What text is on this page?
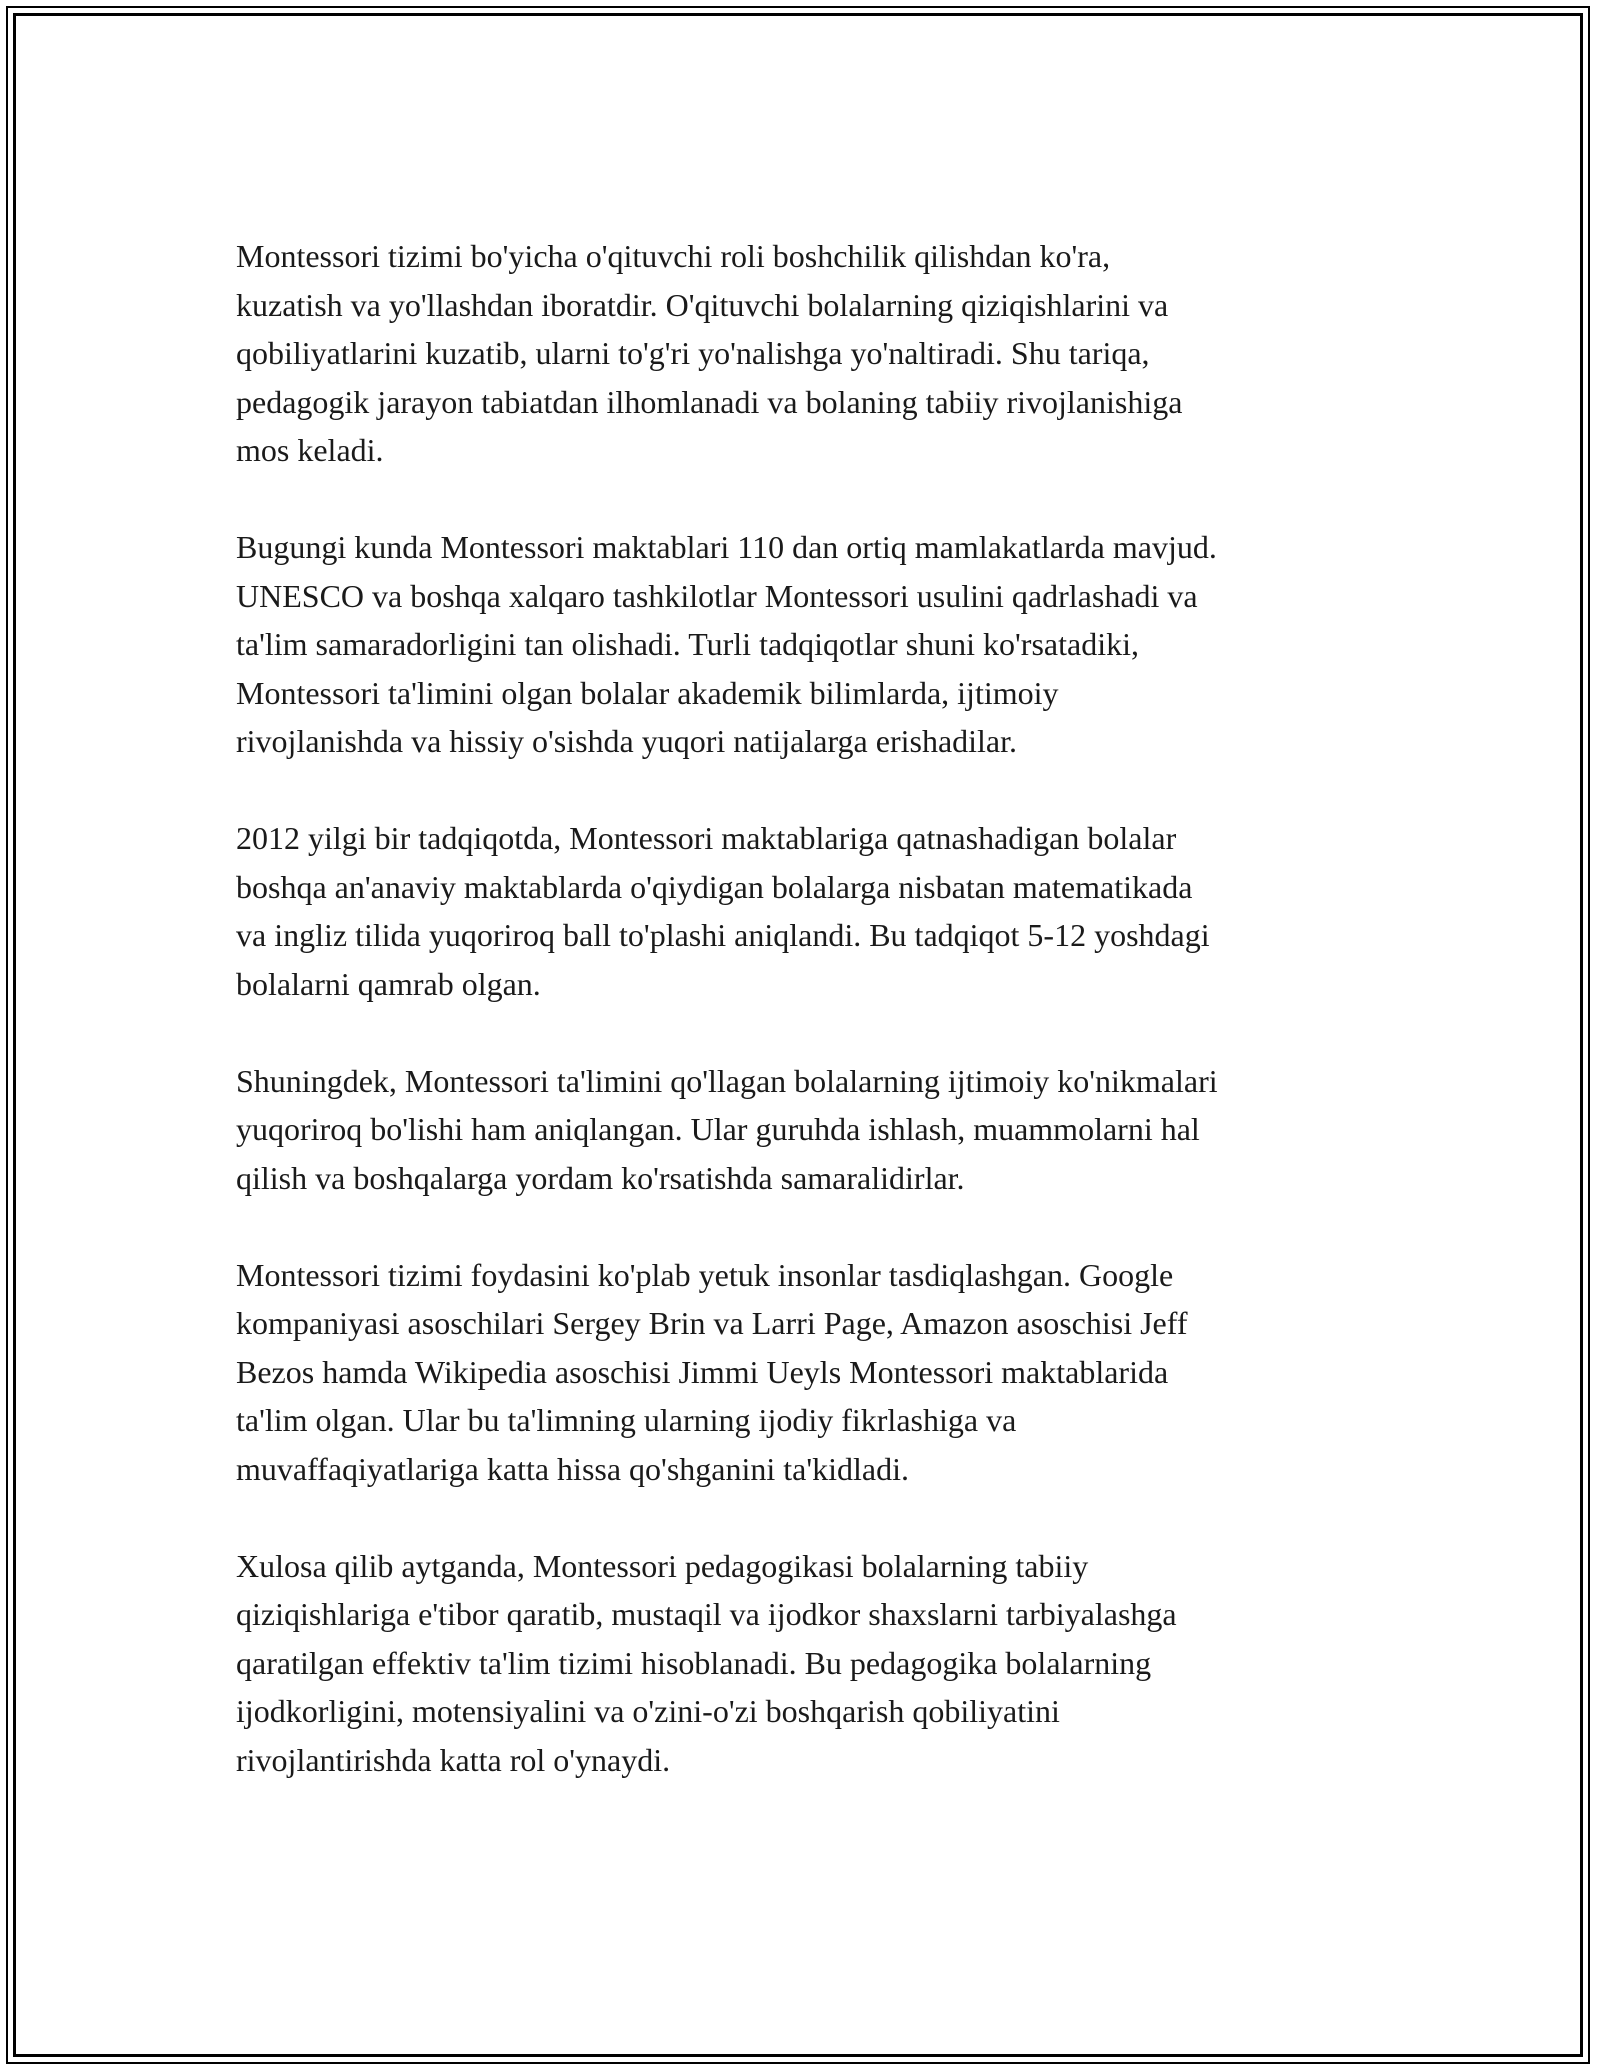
Montessori tizimi bo'yicha o'qituvchi roli boshchilik qilishdan ko'ra,
kuzatish va yo'llashdan iboratdir. O'qituvchi bolalarning qiziqishlarini va
qobiliyatlarini kuzatib, ularni to'g'ri yo'nalishga yo'naltiradi. Shu tariqa,
pedagogik jarayon tabiatdan ilhomlanadi va bolaning tabiiy rivojlanishiga
mos keladi.

Bugungi kunda Montessori maktablari 110 dan ortiq mamlakatlarda mavjud.
UNESCO va boshqa xalqaro tashkilotlar Montessori usulini qadrlashadi va
ta'lim samaradorligini tan olishadi. Turli tadqiqotlar shuni ko'rsatadiki,
Montessori ta'limini olgan bolalar akademik bilimlarda, ijtimoiy
rivojlanishda va hissiy o'sishda yuqori natijalarga erishadilar.

2012 yilgi bir tadqiqotda, Montessori maktablariga qatnashadigan bolalar
boshqa an'anaviy maktablarda o'qiydigan bolalarga nisbatan matematikada
va ingliz tilida yuqoriroq ball to'plashi aniqlandi. Bu tadqiqot 5-12 yoshdagi
bolalarni qamrab olgan.

Shuningdek, Montessori ta'limini qo'llagan bolalarning ijtimoiy ko'nikmalari
yuqoriroq bo'lishi ham aniqlangan. Ular guruhda ishlash, muammolarni hal
qilish va boshqalarga yordam ko'rsatishda samaralidirlar.

Montessori tizimi foydasini ko'plab yetuk insonlar tasdiqlashgan. Google
kompaniyasi asoschilari Sergey Brin va Larri Page, Amazon asoschisi Jeff
Bezos hamda Wikipedia asoschisi Jimmi Ueyls Montessori maktablarida
ta'lim olgan. Ular bu ta'limning ularning ijodiy fikrlashiga va
muvaffaqiyatlariga katta hissa qo'shganini ta'kidladi.

Xulosa qilib aytganda, Montessori pedagogikasi bolalarning tabiiy
qiziqishlariga e'tibor qaratib, mustaqil va ijodkor shaxslarni tarbiyalashga
qaratilgan effektiv ta'lim tizimi hisoblanadi. Bu pedagogika bolalarning
ijodkorligini, motensiyalini va o'zini-o'zi boshqarish qobiliyatini
rivojlantirishda katta rol o'ynaydi.
